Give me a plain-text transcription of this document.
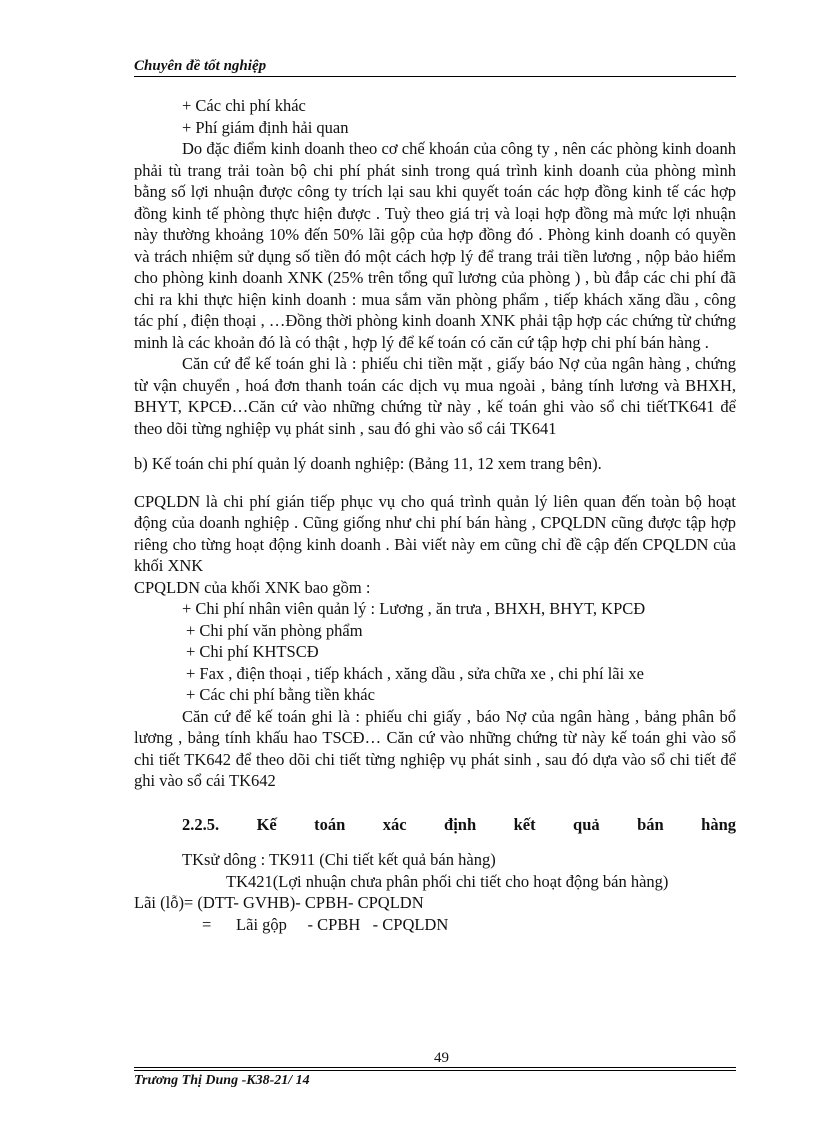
Chuyên đề tốt nghiệp

+ Các chi phí khác

+ Phí giám định hải quan

Do đặc điểm kinh doanh theo cơ chế khoán của công ty , nên các phòng kinh doanh phải tù trang trải toàn bộ chi phí phát sinh trong quá trình kinh doanh của phòng mình bằng số lợi nhuận được công ty trích lại sau khi quyết toán các hợp đồng kinh tế các hợp đồng kinh tế phòng thực hiện được . Tuỳ theo giá trị và loại hợp đồng mà mức lợi nhuận này thường khoảng 10% đến 50% lãi gộp của hợp đồng đó . Phòng kinh doanh có quyền và trách nhiệm sử dụng số tiền đó một cách hợp lý để trang trải tiền lương , nộp bảo hiểm cho phòng kinh doanh XNK (25% trên tổng quĩ lương của phòng ) , bù đắp các chi phí đã chi ra khi thực hiện kinh doanh : mua sắm văn phòng phẩm , tiếp khách xăng dầu , công tác phí , điện thoại , …Đồng thời phòng kinh doanh XNK phải tập hợp các chứng từ chứng minh là các khoản đó là có thật , hợp lý để kế toán có căn cứ tập hợp chi phí bán hàng .

Căn cứ để kế toán ghi là : phiếu chi tiền mặt , giấy báo Nợ của ngân hàng , chứng từ vận chuyển , hoá đơn thanh toán các dịch vụ mua ngoài , bảng tính lương và BHXH, BHYT, KPCĐ…Căn cứ vào những chứng từ này , kế toán ghi vào sổ chi tiếtTK641 để theo dõi từng nghiệp vụ phát sinh , sau đó ghi vào sổ cái TK641

b) Kế toán chi phí quản lý doanh nghiệp: (Bảng 11, 12 xem trang bên).

CPQLDN là chi phí gián tiếp phục vụ cho quá trình quản lý liên quan đến toàn bộ hoạt động của doanh nghiệp . Cũng giống như chi phí bán hàng , CPQLDN cũng được tập hợp riêng cho từng hoạt động kinh doanh . Bài viết này em cũng chỉ đề cập đến CPQLDN của khối XNK

CPQLDN của khối XNK bao gồm :

+ Chi phí nhân viên quản lý : Lương , ăn trưa , BHXH, BHYT, KPCĐ

+ Chi phí văn phòng phẩm

+ Chi phí KHTSCĐ

+ Fax , điện thoại , tiếp khách , xăng dầu , sửa chữa xe , chi phí lãi xe

+ Các chi phí bằng tiền khác

Căn cứ để kế toán ghi là : phiếu chi giấy , báo Nợ của ngân hàng , bảng phân bổ lương , bảng tính khấu hao TSCĐ… Căn cứ vào những chứng từ này kế toán ghi vào sổ chi tiết TK642 để theo dõi chi tiết từng nghiệp vụ phát sinh , sau đó dựa vào sổ chi tiết để ghi vào sổ cái TK642

2.2.5. Kế toán xác định kết quả bán hàng

TKsử dông : TK911 (Chi tiết kết quả bán hàng)

TK421(Lợi nhuận chưa phân phối chi tiết cho hoạt động bán hàng)

Lãi (lỗ)= (DTT- GVHB)- CPBH- CPQLDN

=      Lãi gộp     - CPBH   - CPQLDN

49
Trương Thị Dung -K38-21/ 14
